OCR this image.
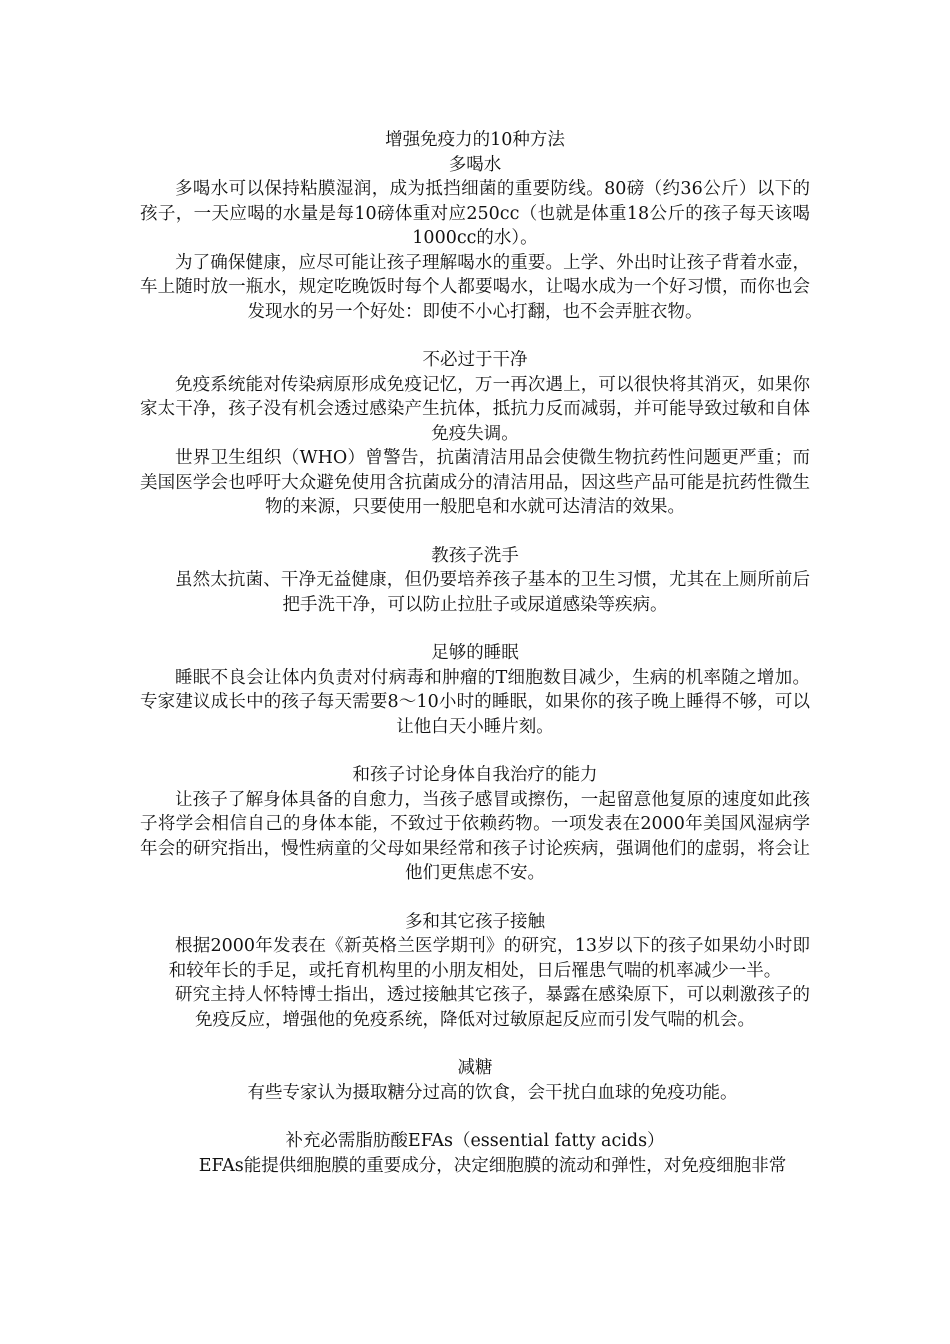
增强免疫力的10种方法
多喝水

多喝水可以保持粘膜湿润，成为抵挡细菌的重要防线。80磅（约36公斤）以下的孩子，一天应喝的水量是每10磅体重对应250cc（也就是体重18公斤的孩子每天该喝1000cc的水）。

为了确保健康，应尽可能让孩子理解喝水的重要。上学、外出时让孩子背着水壶，车上随时放一瓶水，规定吃晚饭时每个人都要喝水，让喝水成为一个好习惯，而你也会发现水的另一个好处：即使不小心打翻，也不会弄脏衣物。

不必过于干净

免疫系统能对传染病原形成免疫记忆，万一再次遇上，可以很快将其消灭，如果你家太干净，孩子没有机会透过感染产生抗体，抵抗力反而减弱，并可能导致过敏和自体免疫失调。

世界卫生组织（WHO）曾警告，抗菌清洁用品会使微生物抗药性问题更严重；而美国医学会也呼吁大众避免使用含抗菌成分的清洁用品，因这些产品可能是抗药性微生物的来源，只要使用一般肥皂和水就可达清洁的效果。

教孩子洗手

虽然太抗菌、干净无益健康，但仍要培养孩子基本的卫生习惯，尤其在上厕所前后把手洗干净，可以防止拉肚子或尿道感染等疾病。

足够的睡眠

睡眠不良会让体内负责对付病毒和肿瘤的T细胞数目减少，生病的机率随之增加。专家建议成长中的孩子每天需要8～10小时的睡眠，如果你的孩子晚上睡得不够，可以让他白天小睡片刻。

和孩子讨论身体自我治疗的能力

让孩子了解身体具备的自愈力，当孩子感冒或擦伤，一起留意他复原的速度如此孩子将学会相信自己的身体本能，不致过于依赖药物。一项发表在2000年美国风湿病学年会的研究指出，慢性病童的父母如果经常和孩子讨论疾病，强调他们的虚弱，将会让他们更焦虑不安。

多和其它孩子接触

根据2000年发表在《新英格兰医学期刊》的研究，13岁以下的孩子如果幼小时即和较年长的手足，或托育机构里的小朋友相处，日后罹患气喘的机率减少一半。

研究主持人怀特博士指出，透过接触其它孩子，暴露在感染原下，可以刺激孩子的免疫反应，增强他的免疫系统，降低对过敏原起反应而引发气喘的机会。

减糖

有些专家认为摄取糖分过高的饮食，会干扰白血球的免疫功能。

补充必需脂肪酸EFAs（essential fatty acids）

EFAs能提供细胞膜的重要成分，决定细胞膜的流动和弹性，对免疫细胞非常
